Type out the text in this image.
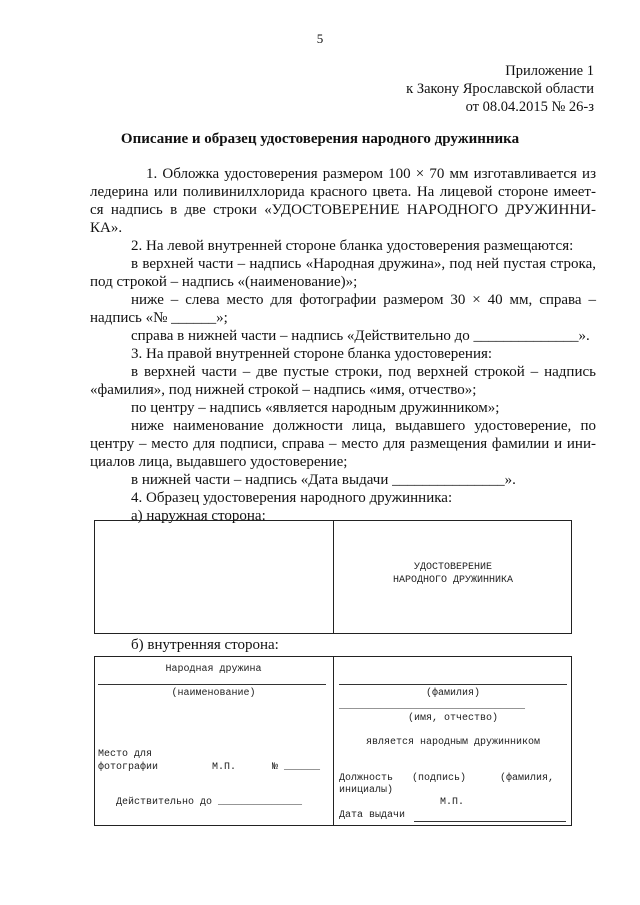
5
Приложение 1
к Закону Ярославской области
от 08.04.2015 № 26-з
Описание и образец удостоверения народного дружинника
1. Обложка удостоверения размером 100 × 70 мм изготавливается из
ледерина или поливинилхлорида красного цвета. На лицевой стороне имеет-
ся надпись в две строки «УДОСТОВЕРЕНИЕ НАРОДНОГО ДРУЖИННИ-
КА».
2. На левой внутренней стороне бланка удостоверения размещаются:
в верхней части – надпись «Народная дружина», под ней пустая строка,
под строкой – надпись «(наименование)»;
ниже – слева место для фотографии размером 30 × 40 мм, справа –
надпись «№ ______»;
справа в нижней части – надпись «Действительно до ______________».
3. На правой внутренней стороне бланка удостоверения:
в верхней части – две пустые строки, под верхней строкой – надпись
«фамилия», под нижней строкой – надпись «имя, отчество»;
по центру – надпись «является народным дружинником»;
ниже наименование должности лица, выдавшего удостоверение, по
центру – место для подписи, справа – место для размещения фамилии и ини-
циалов лица, выдавшего удостоверение;
в нижней части – надпись «Дата выдачи _______________».
4. Образец удостоверения народного дружинника:
а) наружная сторона:
УДОСТОВЕРЕНИЕ
НАРОДНОГО ДРУЖИННИКА
б) внутренняя сторона:
Народная дружина
(наименование)
Место для
фотографии	М.П.	№ ______
Действительно до ______________
(фамилия)
_______________________________
(имя, отчество)
является народным дружинником
Должность (подпись)	(фамилия,
инициалы)
М.П.
Дата выдачи
